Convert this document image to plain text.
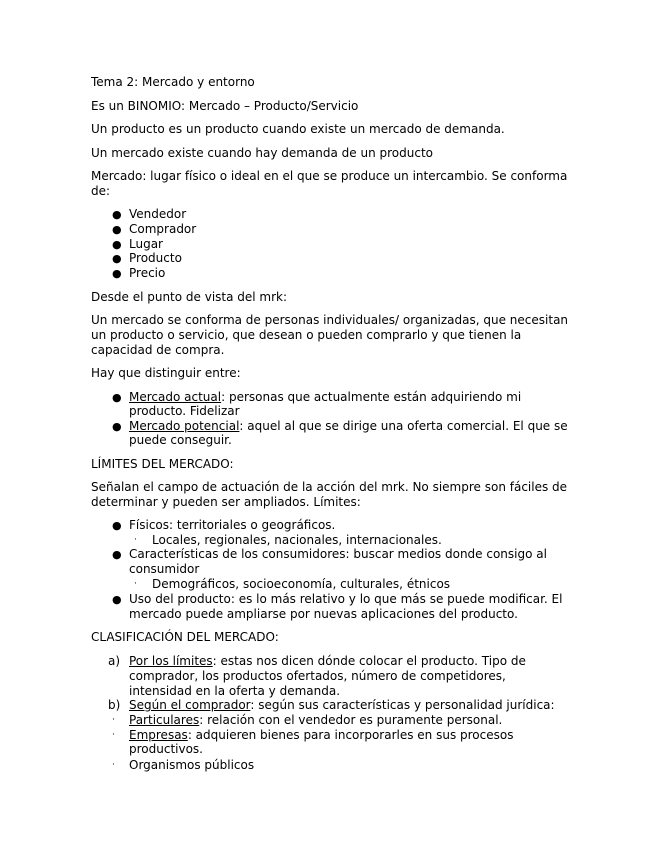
Tema 2: Mercado y entorno
Es un BINOMIO: Mercado – Producto/Servicio
Un producto es un producto cuando existe un mercado de demanda.
Un mercado existe cuando hay demanda de un producto
Mercado: lugar físico o ideal en el que se produce un intercambio. Se conforma
de:
● Vendedor
● Comprador
● Lugar
● Producto
● Precio
Desde el punto de vista del mrk:
Un mercado se conforma de personas individuales/ organizadas, que necesitan
un producto o servicio, que desean o pueden comprarlo y que tienen la
capacidad de compra.
Hay que distinguir entre:
● Mercado actual: personas que actualmente están adquiriendo mi
producto. Fidelizar
● Mercado potencial: aquel al que se dirige una oferta comercial. El que se
puede conseguir.
LÍMITES DEL MERCADO:
Señalan el campo de actuación de la acción del mrk. No siempre son fáciles de
determinar y pueden ser ampliados. Límites:
● Físicos: territoriales o geográficos.
· Locales, regionales, nacionales, internacionales.
● Características de los consumidores: buscar medios donde consigo al
consumidor
· Demográficos, socioeconomía, culturales, étnicos
● Uso del producto: es lo más relativo y lo que más se puede modificar. El
mercado puede ampliarse por nuevas aplicaciones del producto.
CLASIFICACIÓN DEL MERCADO:
a) Por los límites: estas nos dicen dónde colocar el producto. Tipo de
comprador, los productos ofertados, número de competidores,
intensidad en la oferta y demanda.
b) Según el comprador: según sus características y personalidad jurídica:
· Particulares: relación con el vendedor es puramente personal.
· Empresas: adquieren bienes para incorporarles en sus procesos
productivos.
· Organismos públicos
